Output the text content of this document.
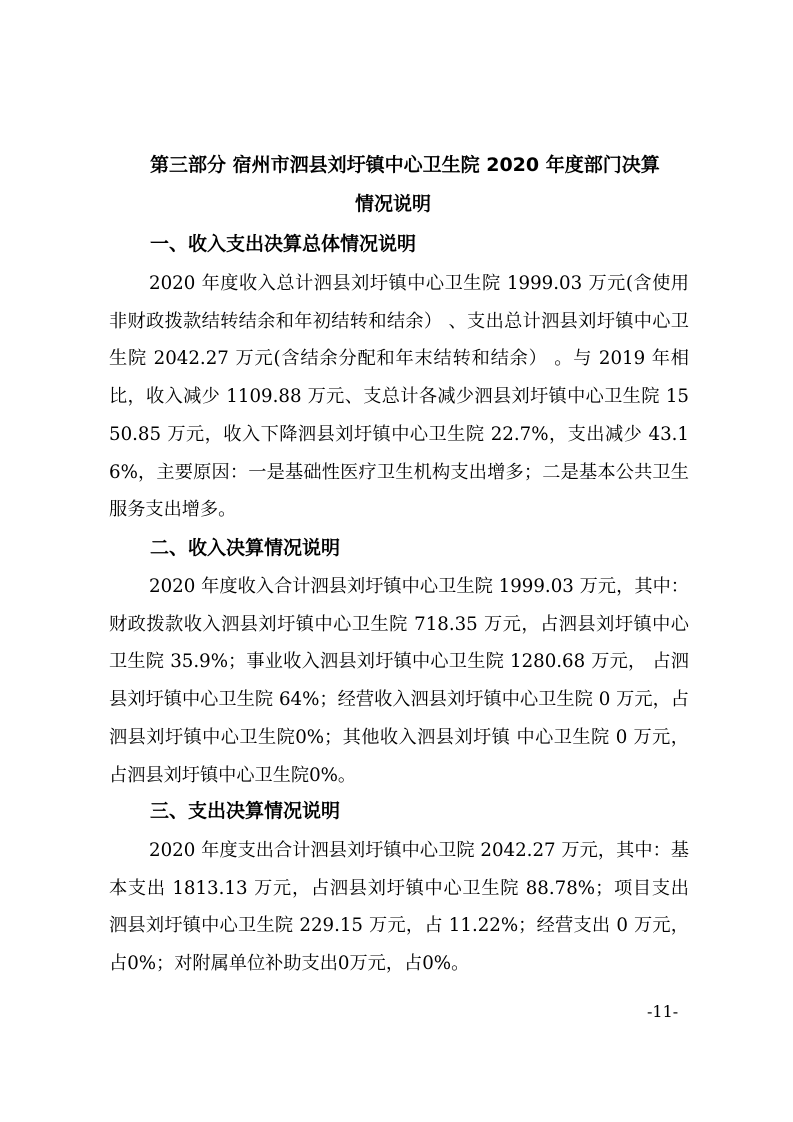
第三部分 宿州市泗县刘圩镇中心卫生院 2020 年度部门决算
情况说明
一、收入支出决算总体情况说明

2020 年度收入总计泗县刘圩镇中心卫生院 1999.03 万元(含使用非财政拨款结转结余和年初结转和结余） 、支出总计泗县刘圩镇中心卫生院 2042.27 万元(含结余分配和年末结转和结余） 。与 2019 年相比，收入减少 1109.88 万元、支总计各减少泗县刘圩镇中心卫生院 1550.85 万元，收入下降泗县刘圩镇中心卫生院 22.7%，支出减少 43.16%，主要原因：一是基础性医疗卫生机构支出增多；二是基本公共卫生服务支出增多。

二、收入决算情况说明

2020 年度收入合计泗县刘圩镇中心卫生院 1999.03 万元，其中：财政拨款收入泗县刘圩镇中心卫生院 718.35 万元，占泗县刘圩镇中心卫生院 35.9%；事业收入泗县刘圩镇中心卫生院 1280.68 万元， 占泗县刘圩镇中心卫生院 64%；经营收入泗县刘圩镇中心卫生院 0 万元，占泗县刘圩镇中心卫生院0%；其他收入泗县刘圩镇 中心卫生院 0 万元， 占泗县刘圩镇中心卫生院0%。

三、支出决算情况说明

2020 年度支出合计泗县刘圩镇中心卫院 2042.27 万元，其中：基本支出 1813.13 万元，占泗县刘圩镇中心卫生院 88.78%；项目支出泗县刘圩镇中心卫生院 229.15 万元，占 11.22%；经营支出 0 万元， 占0%；对附属单位补助支出0万元，占0%。

-11-
